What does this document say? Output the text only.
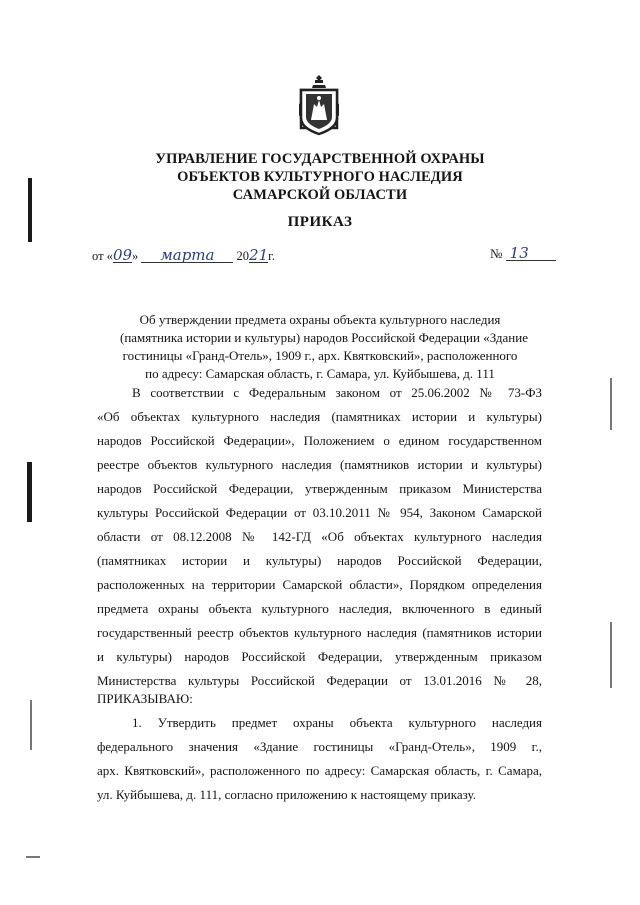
УПРАВЛЕНИЕ ГОСУДАРСТВЕННОЙ ОХРАНЫ
ОБЪЕКТОВ КУЛЬТУРНОГО НАСЛЕДИЯ
САМАРСКОЙ ОБЛАСТИ
ПРИКАЗ
от «09» марта 2021г.	№ 13
Об утверждении предмета охраны объекта культурного наследия
(памятника истории и культуры) народов Российской Федерации «Здание
гостиницы «Гранд-Отель», 1909 г., арх. Квятковский», расположенного
по адресу: Самарская область, г. Самара, ул. Куйбышева, д. 111
В соответствии с Федеральным законом от 25.06.2002 № 73-ФЗ
«Об объектах культурного наследия (памятниках истории и культуры)
народов Российской Федерации», Положением о едином государственном
реестре объектов культурного наследия (памятников истории и культуры)
народов Российской Федерации, утвержденным приказом Министерства
культуры Российской Федерации от 03.10.2011 № 954, Законом Самарской
области от 08.12.2008 № 142-ГД «Об объектах культурного наследия
(памятниках истории и культуры) народов Российской Федерации,
расположенных на территории Самарской области», Порядком определения
предмета охраны объекта культурного наследия, включенного в единый
государственный реестр объектов культурного наследия (памятников истории
и культуры) народов Российской Федерации, утвержденным приказом
Министерства культуры Российской Федерации от 13.01.2016 № 28,
ПРИКАЗЫВАЮ:
1. Утвердить предмет охраны объекта культурного наследия
федерального значения «Здание гостиницы «Гранд-Отель», 1909 г.,
арх. Квятковский», расположенного по адресу: Самарская область, г. Самара,
ул. Куйбышева, д. 111, согласно приложению к настоящему приказу.
